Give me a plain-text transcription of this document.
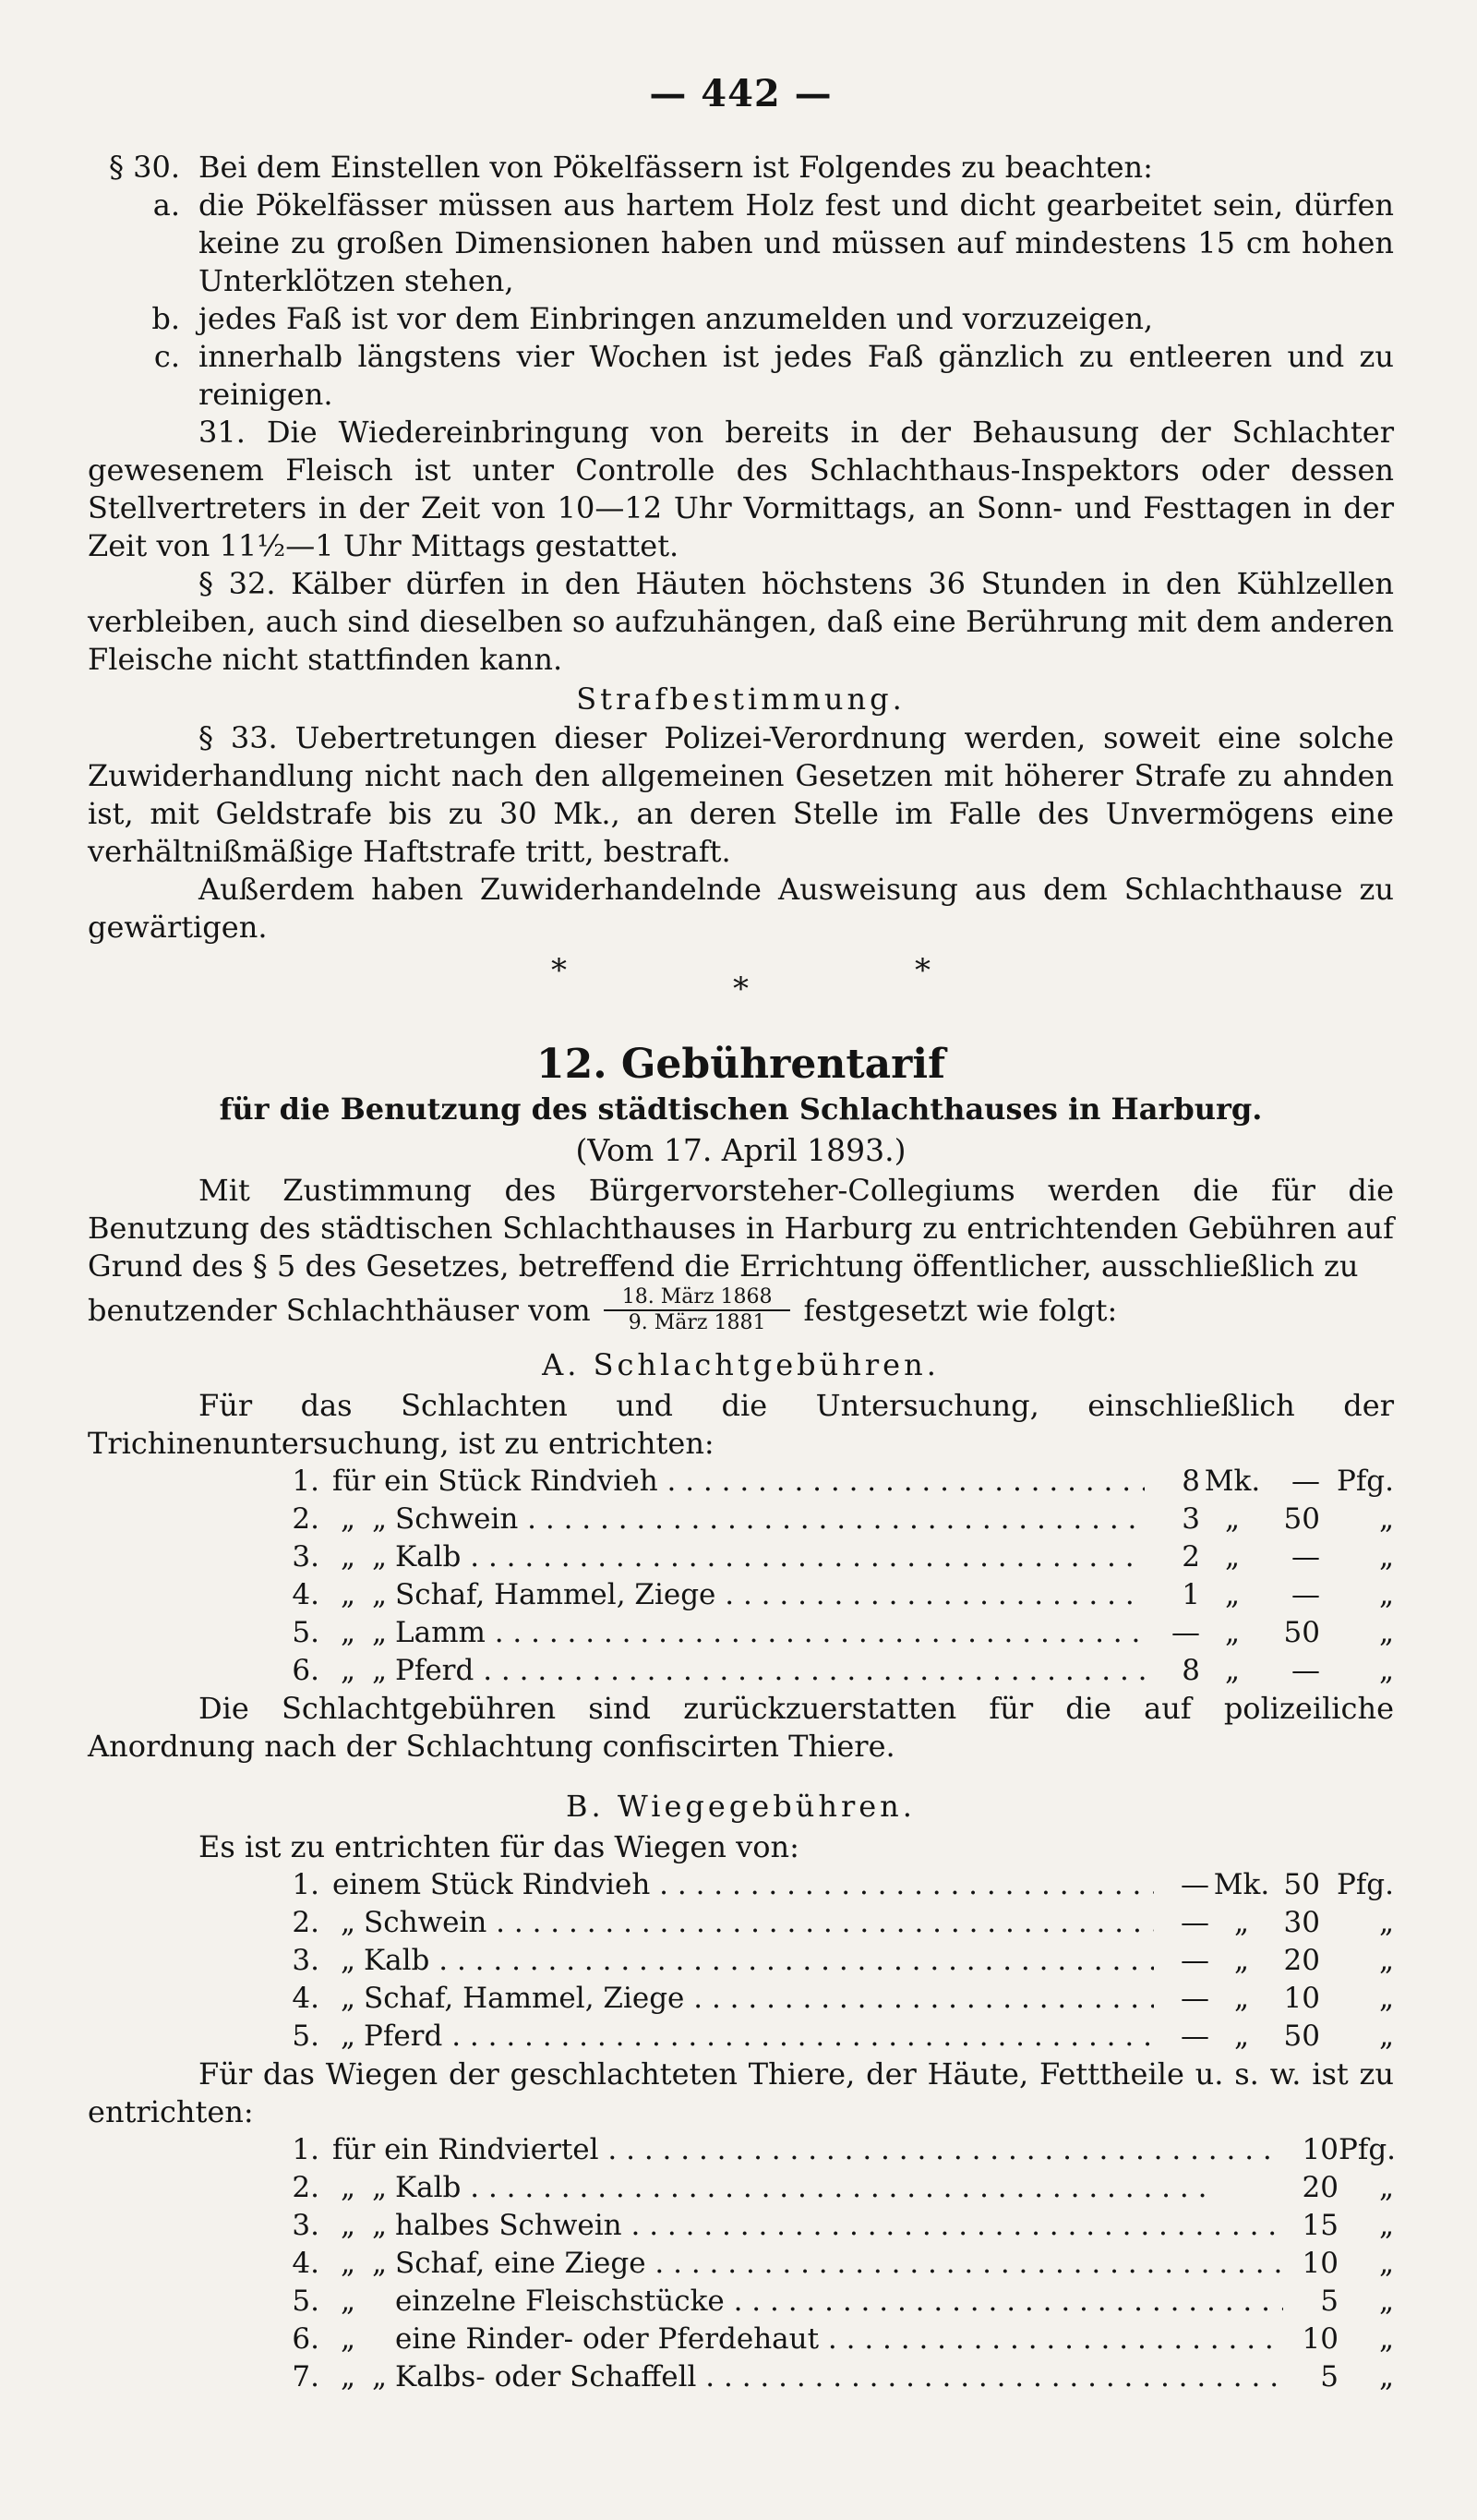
— 442 —
§ 30. Bei dem Einstellen von Pökelfässern ist Folgendes zu beachten:
a. die Pökelfässer müssen aus hartem Holz fest und dicht gearbeitet sein, dürfen keine zu großen Dimensionen haben und müssen auf mindestens 15 cm hohen Unterklötzen stehen,
b. jedes Faß ist vor dem Einbringen anzumelden und vorzuzeigen,
c. innerhalb längstens vier Wochen ist jedes Faß gänzlich zu entleeren und zu reinigen.

31. Die Wiedereinbringung von bereits in der Behausung der Schlachter gewesenem Fleisch ist unter Controlle des Schlachthaus-Inspektors oder dessen Stellvertreters in der Zeit von 10—12 Uhr Vormittags, an Sonn- und Festtagen in der Zeit von 11½—1 Uhr Mittags gestattet.

§ 32. Kälber dürfen in den Häuten höchstens 36 Stunden in den Kühlzellen verbleiben, auch sind dieselben so aufzuhängen, daß eine Berührung mit dem anderen Fleische nicht stattfinden kann.

Strafbestimmung.

§ 33. Uebertretungen dieser Polizei-Verordnung werden, soweit eine solche Zuwiderhandlung nicht nach den allgemeinen Gesetzen mit höherer Strafe zu ahnden ist, mit Geldstrafe bis zu 30 Mk., an deren Stelle im Falle des Unvermögens eine verhältnißmäßige Haftstrafe tritt, bestraft.

Außerdem haben Zuwiderhandelnde Ausweisung aus dem Schlachthause zu gewärtigen.

*	*	*
12. Gebührentarif
für die Benutzung des städtischen Schlachthauses in Harburg.
(Vom 17. April 1893.)

Mit Zustimmung des Bürgervorsteher-Collegiums werden die für die Benutzung des städtischen Schlachthauses in Harburg zu entrichtenden Gebühren auf Grund des § 5 des Gesetzes, betreffend die Errichtung öffentlicher, ausschließlich zu

benutzender Schlachthäuser vom $\frac{\text{18. März 1868}}{\text{9. März 1881}}$ festgesetzt wie folgt:
A. Schlachtgebühren.

Für das Schlachten und die Untersuchung, einschließlich der Trichinenuntersuchung, ist zu entrichten:

1. für ein Stück Rindvieh . . .	8 Mk.	— Pfg.
2. „ „ Schwein . . .	3 „	50	„
3. „ „ Kalb . . .	2 „	—	„
4. „ „ Schaf, Hammel, Ziege . . .	1 „	—	„
5. „ „ Lamm . . .	— „	50	„
6. „ „ Pferd . . .	8 „	—	„

Die Schlachtgebühren sind zurückzuerstatten für die auf polizeiliche Anordnung nach der Schlachtung confiscirten Thiere.

B. Wiegegebühren.

Es ist zu entrichten für das Wiegen von:

1. einem Stück Rindvieh . . .	— Mk. 50 Pfg.
2. „ Schwein . . .	— „	30	„
3. „ Kalb . . .	— „	20	„
4. „ Schaf, Hammel, Ziege . . .	— „	10	„
5. „ Pferd . . .	— „	50	„

Für das Wiegen der geschlachteten Thiere, der Häute, Fetttheile u. s. w. ist zu entrichten:

1. für ein Rindviertel . . .	10 Pfg.
2. „ „ Kalb . . .	20	„
3. „ „ halbes Schwein . . .	15	„
4. „ „ Schaf, eine Ziege . . .	10	„
5. „ einzelne Fleischstücke . . .	5	„
6. „ eine Rinder- oder Pferdehaut . . .	10	„
7. „ „ Kalbs- oder Schaffell . . .	5	„
